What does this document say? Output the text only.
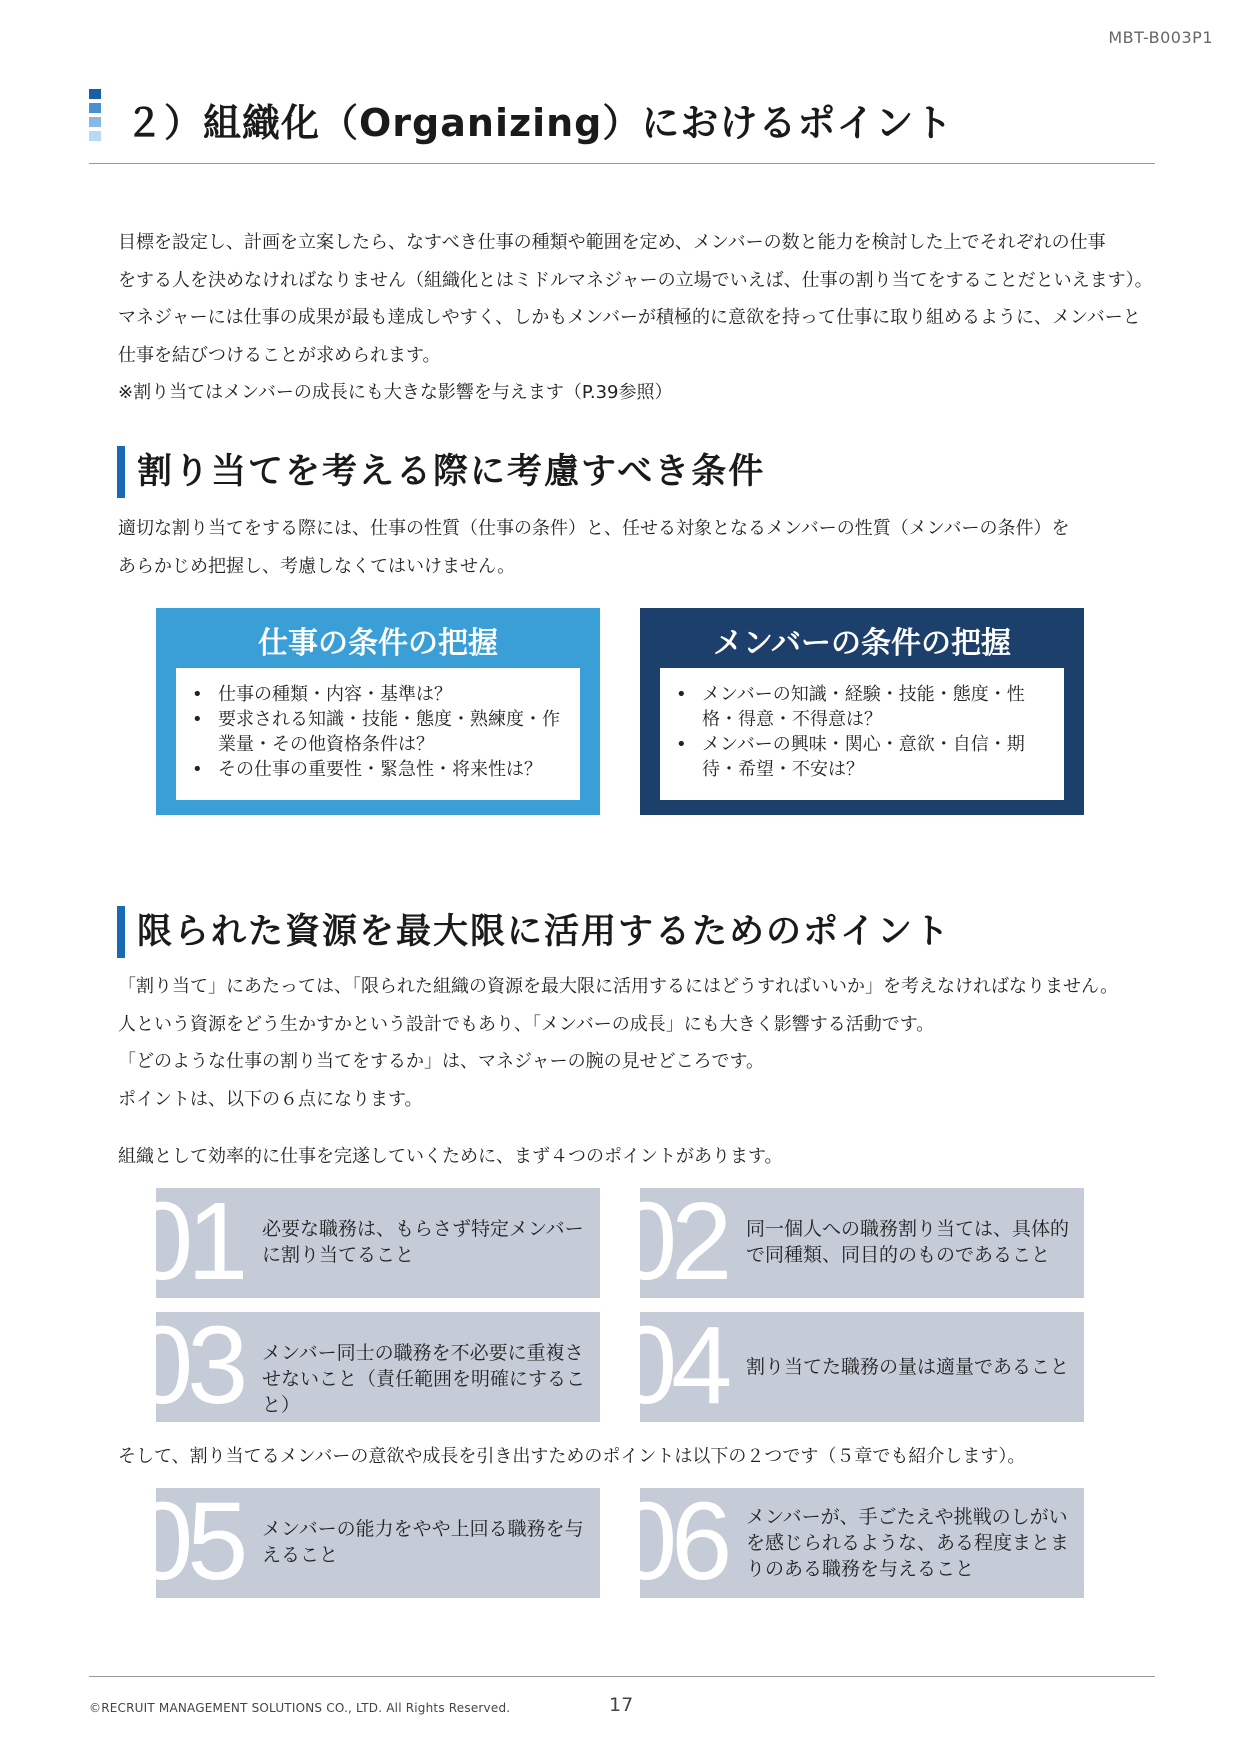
MBT-B003P1
２）組織化（Organizing）におけるポイント

目標を設定し、計画を立案したら、なすべき仕事の種類や範囲を定め、メンバーの数と能力を検討した上でそれぞれの仕事

をする人を決めなければなりません（組織化とはミドルマネジャーの立場でいえば、仕事の割り当てをすることだといえます）。

マネジャーには仕事の成果が最も達成しやすく、しかもメンバーが積極的に意欲を持って仕事に取り組めるように、メンバーと

仕事を結びつけることが求められます。

※割り当てはメンバーの成長にも大きな影響を与えます（P.39参照）

割り当てを考える際に考慮すべき条件

適切な割り当てをする際には、仕事の性質（仕事の条件）と、任せる対象となるメンバーの性質（メンバーの条件）を

あらかじめ把握し、考慮しなくてはいけません。

仕事の条件の把握
• 仕事の種類・内容・基準は？
• 要求される知識・技能・態度・熟練度・作業量・その他資格条件は？
• その仕事の重要性・緊急性・将来性は？
メンバーの条件の把握
• メンバーの知識・経験・技能・態度・性格・得意・不得意は？
• メンバーの興味・関心・意欲・自信・期待・希望・不安は？
限られた資源を最大限に活用するためのポイント

「割り当て」にあたっては、「限られた組織の資源を最大限に活用するにはどうすればいいか」を考えなければなりません。

人という資源をどう生かすかという設計でもあり、「メンバーの成長」にも大きく影響する活動です。

「どのような仕事の割り当てをするか」は、マネジャーの腕の見せどころです。

ポイントは、以下の６点になります。

組織として効率的に仕事を完遂していくために、まず４つのポイントがあります。
01 必要な職務は、もらさず特定メンバーに割り当てること	02 同一個人への職務割り当ては、具体的で同種類、同目的のものであること
03 メンバー同士の職務を不必要に重複させないこと（責任範囲を明確にすること）	04 割り当てた職務の量は適量であること
そして、割り当てるメンバーの意欲や成長を引き出すためのポイントは以下の２つです（５章でも紹介します）。
05 メンバーの能力をやや上回る職務を与えること	06 メンバーが、手ごたえや挑戦のしがいを感じられるような、ある程度まとまりのある職務を与えること
©RECRUIT MANAGEMENT SOLUTIONS CO., LTD. All Rights Reserved.	17
